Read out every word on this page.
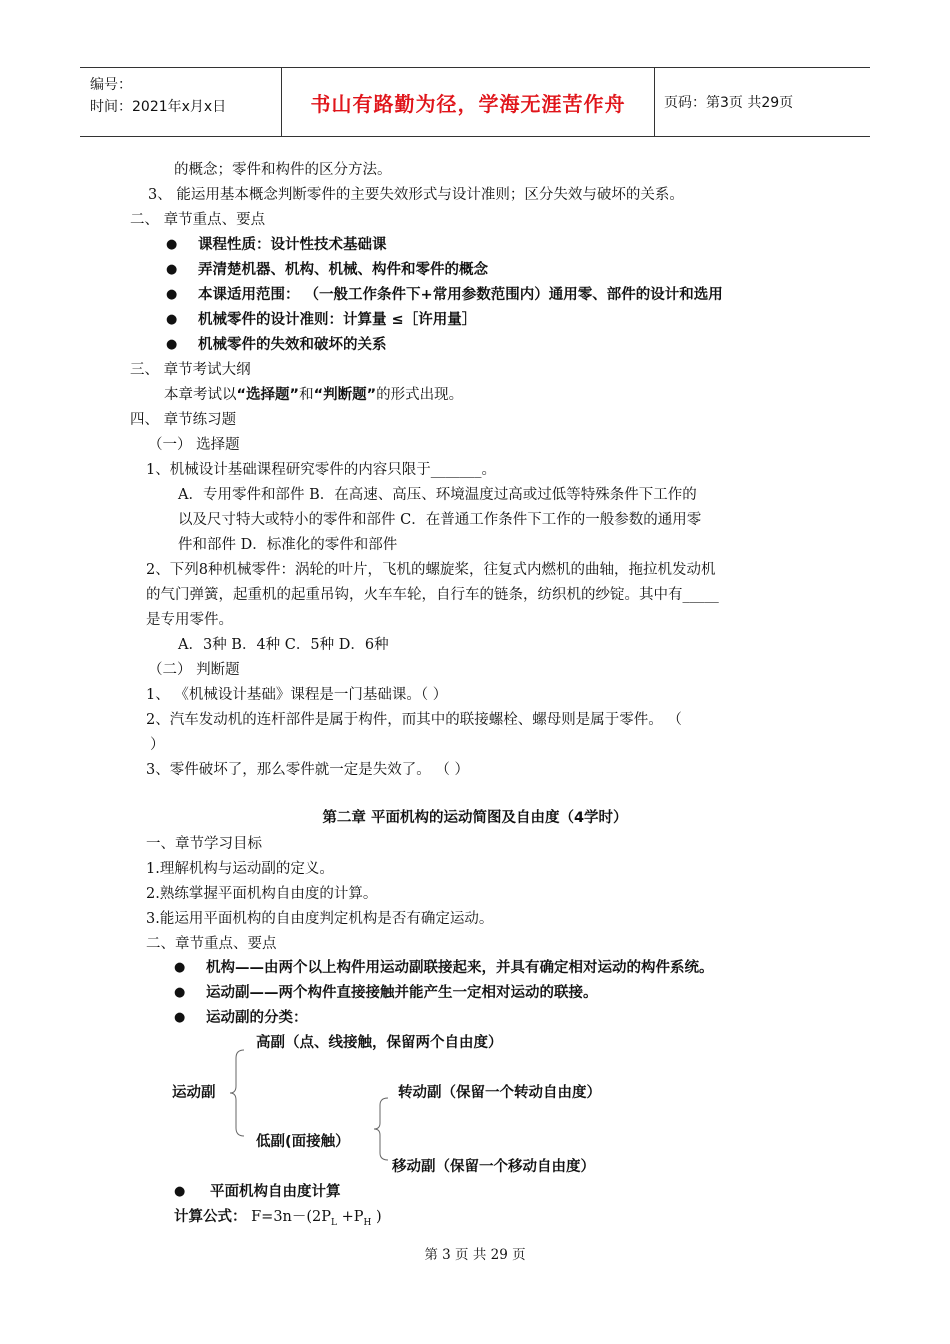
编号：
时间：2021年x月x日	书山有路勤为径，学海无涯苦作舟	页码：第3页 共29页
的概念；零件和构件的区分方法。
3、 能运用基本概念判断零件的主要失效形式与设计准则；区分失效与破坏的关系。
二、 章节重点、要点
● 课程性质：设计性技术基础课
● 弄清楚机器、机构、机械、构件和零件的概念
● 本课适用范围： （一般工作条件下+常用参数范围内）通用零、部件的设计和选用
● 机械零件的设计准则：计算量 ≤［许用量］
● 机械零件的失效和破坏的关系
三、 章节考试大纲
本章考试以“选择题”和“判断题”的形式出现。
四、 章节练习题
（一） 选择题
1、机械设计基础课程研究零件的内容只限于_______。
A．专用零件和部件 B．在高速、高压、环境温度过高或过低等特殊条件下工作的
以及尺寸特大或特小的零件和部件 C．在普通工作条件下工作的一般参数的通用零
件和部件 D．标准化的零件和部件
2、下列8种机械零件：涡轮的叶片，飞机的螺旋桨，往复式内燃机的曲轴，拖拉机发动机
的气门弹簧，起重机的起重吊钩，火车车轮，自行车的链条，纺织机的纱锭。其中有_____
是专用零件。
A．3种 B．4种 C．5种 D．6种
（二） 判断题
1、 《机械设计基础》课程是一门基础课。（ ）
2、汽车发动机的连杆部件是属于构件，而其中的联接螺栓、螺母则是属于零件。 （
）
3、零件破坏了，那么零件就一定是失效了。 （ ）
第二章 平面机构的运动简图及自由度（4学时）
一、章节学习目标
1.理解机构与运动副的定义。
2.熟练掌握平面机构自由度的计算。
3.能运用平面机构的自由度判定机构是否有确定运动。
二、章节重点、要点
● 机构——由两个以上构件用运动副联接起来，并具有确定相对运动的构件系统。
● 运动副——两个构件直接接触并能产生一定相对运动的联接。
● 运动副的分类：
高副（点、线接触，保留两个自由度）
运动副	转动副（保留一个转动自由度）
低副(面接触）
移动副（保留一个移动自由度）
● 平面机构自由度计算
计算公式： $F=3n-(2P_L +P_H$ )
第 3 页 共 29 页
